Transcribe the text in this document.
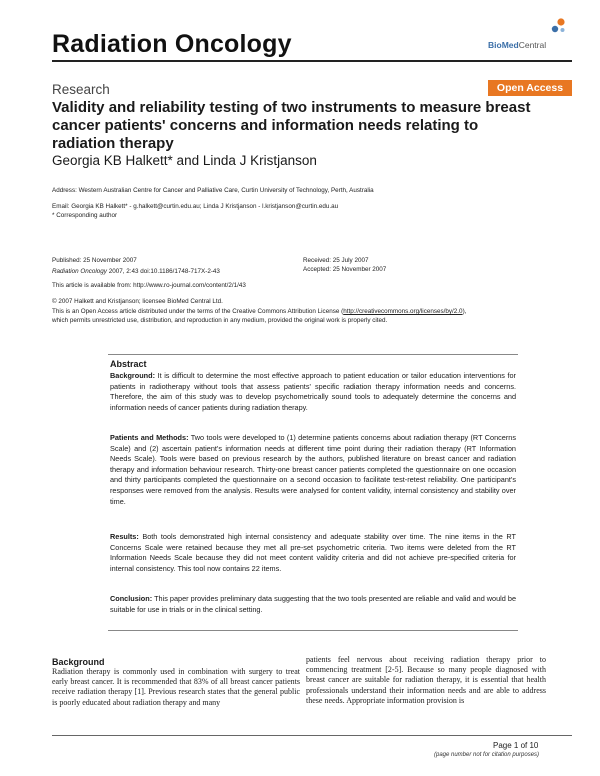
Radiation Oncology	BioMedCentral
Research	Open Access
Validity and reliability testing of two instruments to measure breast
cancer patients' concerns and information needs relating to
radiation therapy
Georgia KB Halkett* and Linda J Kristjanson
Address: Western Australian Centre for Cancer and Palliative Care, Curtin University of Technology, Perth, Australia
Email: Georgia KB Halkett* - g.halkett@curtin.edu.au; Linda J Kristjanson - l.kristjanson@curtin.edu.au
* Corresponding author
Published: 25 November 2007
Radiation Oncology 2007, 2:43 doi:10.1186/1748-717X-2-43
Received: 25 July 2007
Accepted: 25 November 2007
This article is available from: http://www.ro-journal.com/content/2/1/43
© 2007 Halkett and Kristjanson; licensee BioMed Central Ltd.
This is an Open Access article distributed under the terms of the Creative Commons Attribution License (http://creativecommons.org/licenses/by/2.0),
which permits unrestricted use, distribution, and reproduction in any medium, provided the original work is properly cited.
Abstract
Background: It is difficult to determine the most effective approach to patient education or tailor education interventions for patients in radiotherapy without tools that assess patients' specific radiation therapy information needs and concerns. Therefore, the aim of this study was to develop psychometrically sound tools to adequately determine the concerns and information needs of cancer patients during radiation therapy.
Patients and Methods: Two tools were developed to (1) determine patients concerns about radiation therapy (RT Concerns Scale) and (2) ascertain patient's information needs at different time point during their radiation therapy (RT Information Needs Scale). Tools were based on previous research by the authors, published literature on breast cancer and radiation therapy and information behaviour research. Thirty-one breast cancer patients completed the questionnaire on one occasion and thirty participants completed the questionnaire on a second occasion to facilitate test-retest reliability. One participant's responses were removed from the analysis. Results were analysed for content validity, internal consistency and stability over time.
Results: Both tools demonstrated high internal consistency and adequate stability over time. The nine items in the RT Concerns Scale were retained because they met all pre-set psychometric criteria. Two items were deleted from the RT Information Needs Scale because they did not meet content validity criteria and did not achieve pre-specified criteria for internal consistency. This tool now contains 22 items.
Conclusion: This paper provides preliminary data suggesting that the two tools presented are reliable and valid and would be suitable for use in trials or in the clinical setting.
Background
Radiation therapy is commonly used in combination with surgery to treat early breast cancer. It is recommended that 83% of all breast cancer patients receive radiation therapy [1]. Previous research states that the general public is poorly educated about radiation therapy and many
patients feel nervous about receiving radiation therapy prior to commencing treatment [2-5]. Because so many people diagnosed with breast cancer are suitable for radiation therapy, it is essential that health professionals understand their information needs and are able to address these needs. Appropriate information provision is
Page 1 of 10
(page number not for citation purposes)
